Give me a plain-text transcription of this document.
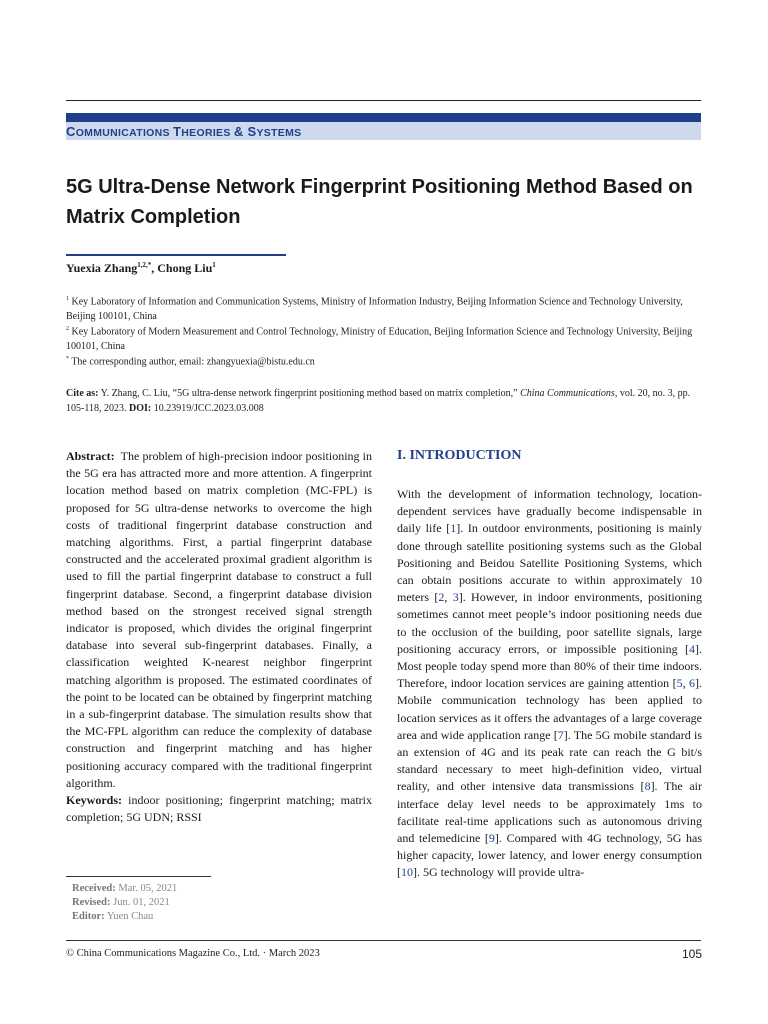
COMMUNICATIONS THEORIES & SYSTEMS
5G Ultra-Dense Network Fingerprint Positioning Method Based on Matrix Completion
Yuexia Zhang$^{1,2,*}$, Chong Liu$^1$
$^1$ Key Laboratory of Information and Communication Systems, Ministry of Information Industry, Beijing Information Science and Technology University, Beijing 100101, China
$^2$ Key Laboratory of Modern Measurement and Control Technology, Ministry of Education, Beijing Information Science and Technology University, Beijing 100101, China
* The corresponding author, email: zhangyuexia@bistu.edu.cn
Cite as: Y. Zhang, C. Liu, “5G ultra-dense network fingerprint positioning method based on matrix completion,” China Communications, vol. 20, no. 3, pp. 105-118, 2023. DOI: 10.23919/JCC.2023.03.008
Abstract: The problem of high-precision indoor positioning in the 5G era has attracted more and more attention. A fingerprint location method based on matrix completion (MC-FPL) is proposed for 5G ultra-dense networks to overcome the high costs of traditional fingerprint database construction and matching algorithms. First, a partial fingerprint database constructed and the accelerated proximal gradient algorithm is used to fill the partial fingerprint database to construct a full fingerprint database. Second, a fingerprint database division method based on the strongest received signal strength indicator is proposed, which divides the original fingerprint database into several sub-fingerprint databases. Finally, a classification weighted K-nearest neighbor fingerprint matching algorithm is proposed. The estimated coordinates of the point to be located can be obtained by fingerprint matching in a sub-fingerprint database. The simulation results show that the MC-FPL algorithm can reduce the complexity of database construction and fingerprint matching and has higher positioning accuracy compared with the traditional fingerprint algorithm.
Keywords: indoor positioning; fingerprint matching; matrix completion; 5G UDN; RSSI
Received: Mar. 05, 2021
Revised: Jun. 01, 2021
Editor: Yuen Chau
I. INTRODUCTION
With the development of information technology, location-dependent services have gradually become indispensable in daily life [1]. In outdoor environments, positioning is mainly done through satellite positioning systems such as the Global Positioning and Beidou Satellite Positioning Systems, which can obtain positions accurate to within approximately 10 meters [2, 3]. However, in indoor environments, positioning sometimes cannot meet people’s indoor positioning needs due to the occlusion of the building, poor satellite signals, large positioning accuracy errors, or impossible positioning [4]. Most people today spend more than 80% of their time indoors. Therefore, indoor location services are gaining attention [5, 6]. Mobile communication technology has been applied to location services as it offers the advantages of a large coverage area and wide application range [7]. The 5G mobile standard is an extension of 4G and its peak rate can reach the G bit/s standard necessary to meet high-definition video, virtual reality, and other intensive data transmissions [8]. The air interface delay level needs to be approximately 1ms to facilitate real-time applications such as autonomous driving and telemedicine [9]. Compared with 4G technology, 5G has higher capacity, lower latency, and lower energy consumption [10]. 5G technology will provide ultra-
© China Communications Magazine Co., Ltd. · March 2023	105
